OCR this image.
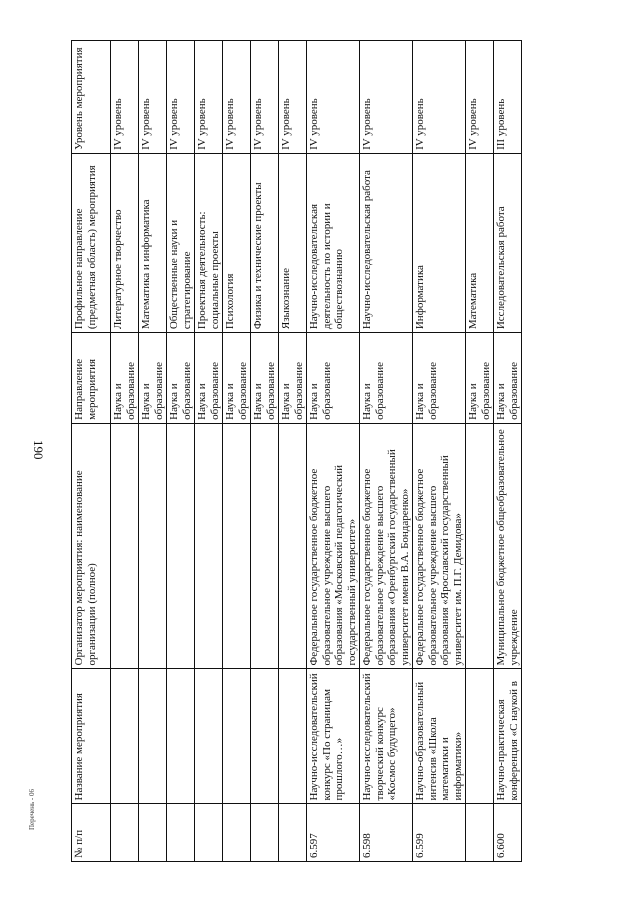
190
Перечень - 06
№ п/п	Название мероприятия	Организатор мероприятия: наименование организации (полное)	Направление мероприятия	Профильное направление (предметная область) мероприятия	Уровень мероприятия
			Наука и образование	Литературное творчество	IV уровень
			Наука и образование	Математика и информатика	IV уровень
			Наука и образование	Общественные науки и стратегирование	IV уровень
			Наука и образование	Проектная деятельность: социальные проекты	IV уровень
			Наука и образование	Психология	IV уровень
			Наука и образование	Физика и технические проекты	IV уровень
			Наука и образование	Языкознание	IV уровень
6.597	Научно-исследовательский конкурс «По страницам прошлого…»	Федеральное государственное бюджетное образовательное учреждение высшего образования «Московский педагогический государственный университет»	Наука и образование	Научно-исследовательская деятельность по истории и обществознанию	IV уровень
6.598	Научно-исследовательский творческий конкурс «Космос будущего»	Федеральное государственное бюджетное образовательное учреждение высшего образования «Оренбургский государственный университет имени В.А. Бондаренко»	Наука и образование	Научно-исследовательская работа	IV уровень
6.599	Научно-образовательный интенсив «Школа математики и информатики»	Федеральное государственное бюджетное образовательное учреждение высшего образования «Ярославский государственный университет им. П.Г. Демидова»	Наука и образование	Информатика	IV уровень
			Наука и образование	Математика	IV уровень
6.600	Научно-практическая конференция «С наукой в	Муниципальное бюджетное общеобразовательное учреждение	Наука и образование	Исследовательская работа	III уровень
